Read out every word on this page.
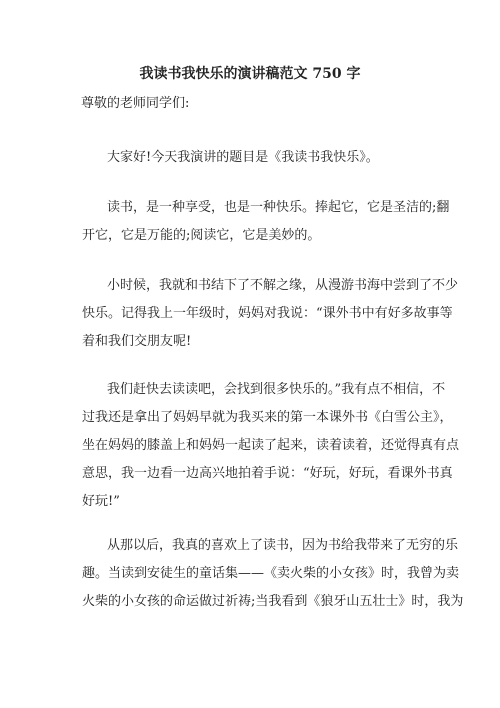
我读书我快乐的演讲稿范文 750 字
尊敬的老师同学们:
大家好!今天我演讲的题目是《我读书我快乐》。
读书，是一种享受，也是一种快乐。捧起它，它是圣洁的;翻
开它，它是万能的;阅读它，它是美妙的。
小时候，我就和书结下了不解之缘，从漫游书海中尝到了不少
快乐。记得我上一年级时，妈妈对我说：“课外书中有好多故事等
着和我们交朋友呢!
我们赶快去读读吧，会找到很多快乐的。”我有点不相信，不
过我还是拿出了妈妈早就为我买来的第一本课外书《白雪公主》，
坐在妈妈的膝盖上和妈妈一起读了起来，读着读着，还觉得真有点
意思，我一边看一边高兴地拍着手说：“好玩，好玩，看课外书真
好玩!”
从那以后，我真的喜欢上了读书，因为书给我带来了无穷的乐
趣。当读到安徒生的童话集——《卖火柴的小女孩》时，我曾为卖
火柴的小女孩的命运做过祈祷;当我看到《狼牙山五壮士》时，我为
